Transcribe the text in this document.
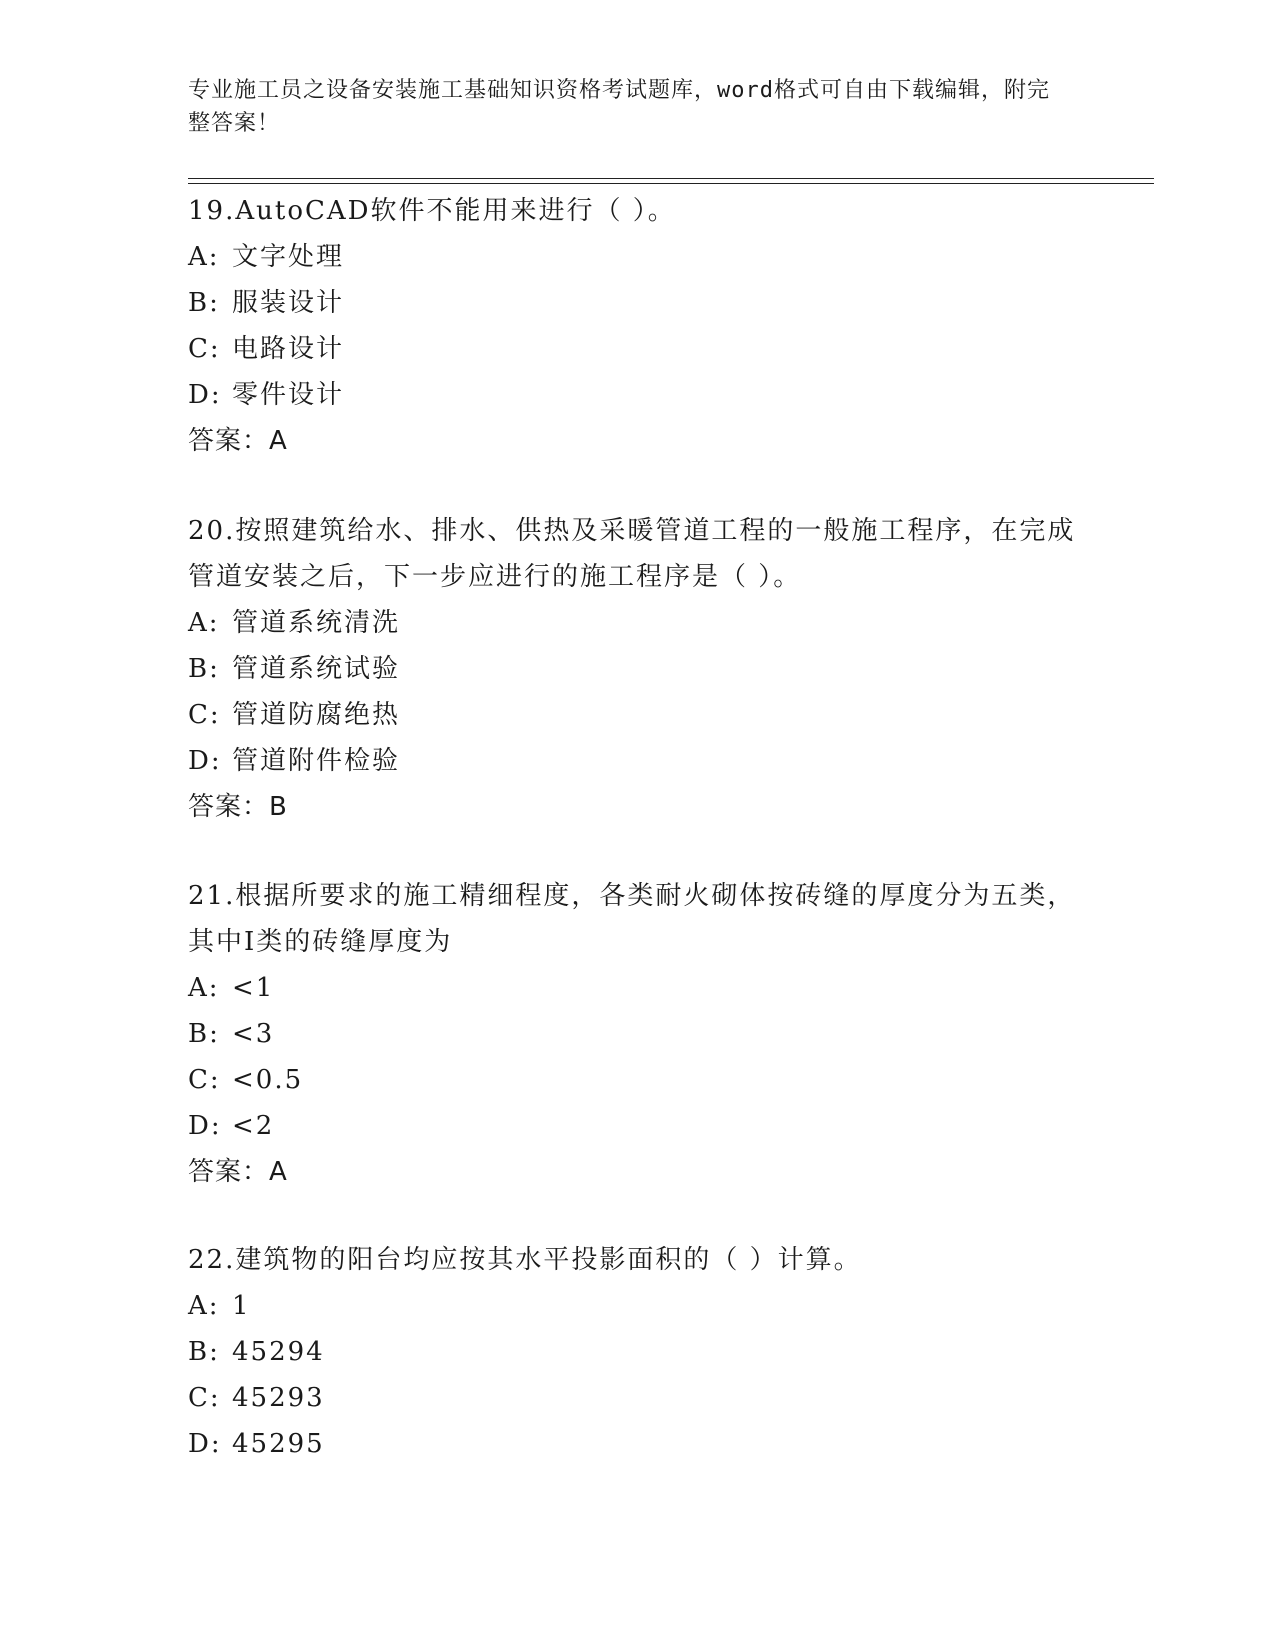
专业施工员之设备安装施工基础知识资格考试题库，word格式可自由下载编辑，附完整答案！

19.AutoCAD软件不能用来进行（ ）。

A: 文字处理

B: 服装设计

C: 电路设计

D: 零件设计

答案：A

20.按照建筑给水、排水、供热及采暖管道工程的一般施工程序，在完成管道安装之后，下一步应进行的施工程序是（ ）。

A: 管道系统清洗

B: 管道系统试验

C: 管道防腐绝热

D: 管道附件检验

答案：B

21.根据所要求的施工精细程度，各类耐火砌体按砖缝的厚度分为五类，其中I类的砖缝厚度为

A: <1

B: <3

C: <0.5

D: <2

答案：A

22.建筑物的阳台均应按其水平投影面积的（ ）计算。

A: 1

B: 45294

C: 45293

D: 45295
